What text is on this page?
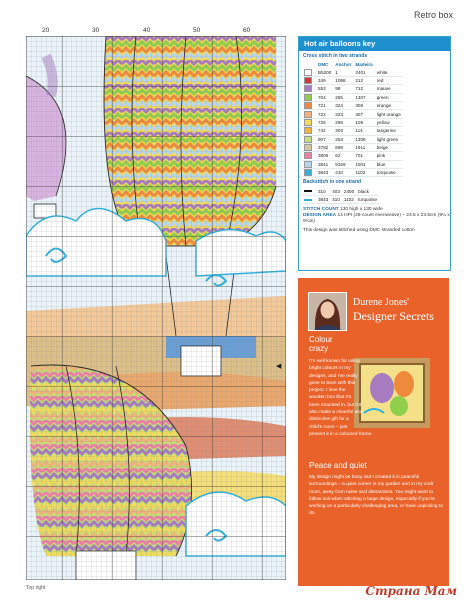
Retro box
20	30	40	50	60
◀
Top right
Hot air balloons key
Cross stitch in two strands
	DMC	Anchor	Madeira	
	B5200	1	2401	white
	349	1098	212	red
	553	98	712	mauve
	704	255	1307	green
	721	324	308	orange
	722	323	307	light orange
	726	295	109	yellow
	742	303	114	tangerine
	907	254	1308	light green
	3782	899	1911	beige
	3806	62	701	pink
	3841	9159	1001	blue
	3843	410	1102	turquoise
Backstitch in one strand
	310	403	2400	black
	3843	410	1102	turquoise
STITCH COUNT 130 high x 130 wide
DESIGN AREA 14 HPI (28-count evenweave) – 23.5 x 23.5cm (9¼ x 9¼in)
This design was stitched using DMC stranded cotton
Durene Jones'
Designer Secrets
Colour crazy
I'm well known for using bright colours in my designs, and I've really gone to town with this project. I love the wooden box that it's been mounted in, but it'd also make a cheerful and distinctive gift for a child's room – just present it in a coloured frame.
Peace and quiet
My design might be busy, but I created it in peaceful surroundings – a quiet corner in my garden and in my craft room, away from noise and distractions. You might want to follow suit when stitching a large design, especially if you're working on a particularly challenging area, or have unpicking to do.
Страна Мам
